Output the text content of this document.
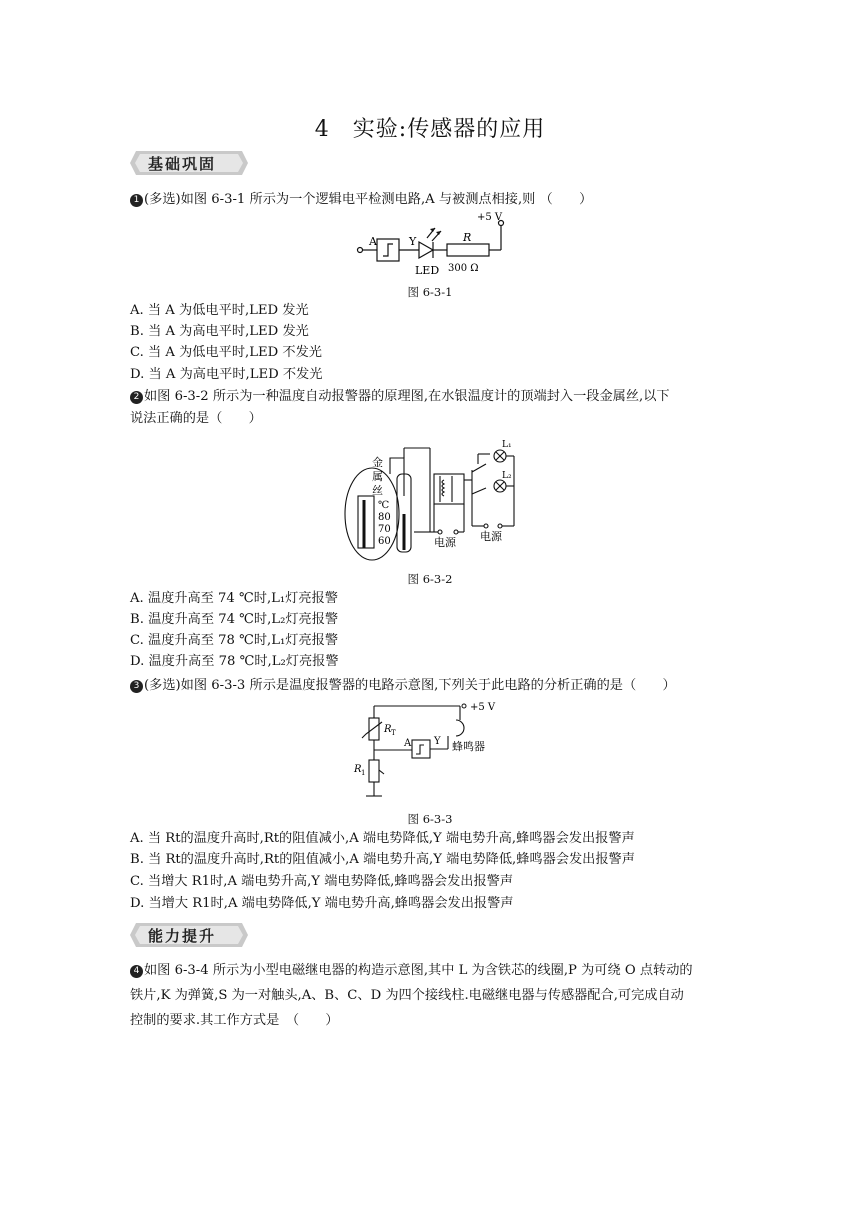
4　实验:传感器的应用
基础巩固
1 (多选)如图 6-3-1 所示为一个逻辑电平检测电路,A 与被测点相接,则 （　　）
A	Y	R
+5 V
LED 300 Ω
图 6-3-1
A. 当 A 为低电平时,LED 发光
B. 当 A 为高电平时,LED 发光
C. 当 A 为低电平时,LED 不发光
D. 当 A 为高电平时,LED 不发光
2 如图 6-3-2 所示为一种温度自动报警器的原理图,在水银温度计的顶端封入一段金属丝,以下
说法正确的是（　　）
金
属
丝
℃
80
70
60
L₁
L₂
电源 电源
图 6-3-2
A. 温度升高至 74 ℃时,L₁灯亮报警
B. 温度升高至 74 ℃时,L₂灯亮报警
C. 温度升高至 78 ℃时,L₁灯亮报警
D. 温度升高至 78 ℃时,L₂灯亮报警
3 (多选)如图 6-3-3 所示是温度报警器的电路示意图,下列关于此电路的分析正确的是（　　）
+5 V
R T
R 1
A Y 蜂鸣器
图 6-3-3
A. 当 Rt的温度升高时,Rt的阻值减小,A 端电势降低,Y 端电势升高,蜂鸣器会发出报警声
B. 当 Rt的温度升高时,Rt的阻值减小,A 端电势升高,Y 端电势降低,蜂鸣器会发出报警声
C. 当增大 R1时,A 端电势升高,Y 端电势降低,蜂鸣器会发出报警声
D. 当增大 R1时,A 端电势降低,Y 端电势升高,蜂鸣器会发出报警声
能力提升
4 如图 6-3-4 所示为小型电磁继电器的构造示意图,其中 L 为含铁芯的线圈,P 为可绕 O 点转动的
铁片,K 为弹簧,S 为一对触头,A、B、C、D 为四个接线柱.电磁继电器与传感器配合,可完成自动
控制的要求.其工作方式是　（　　）
